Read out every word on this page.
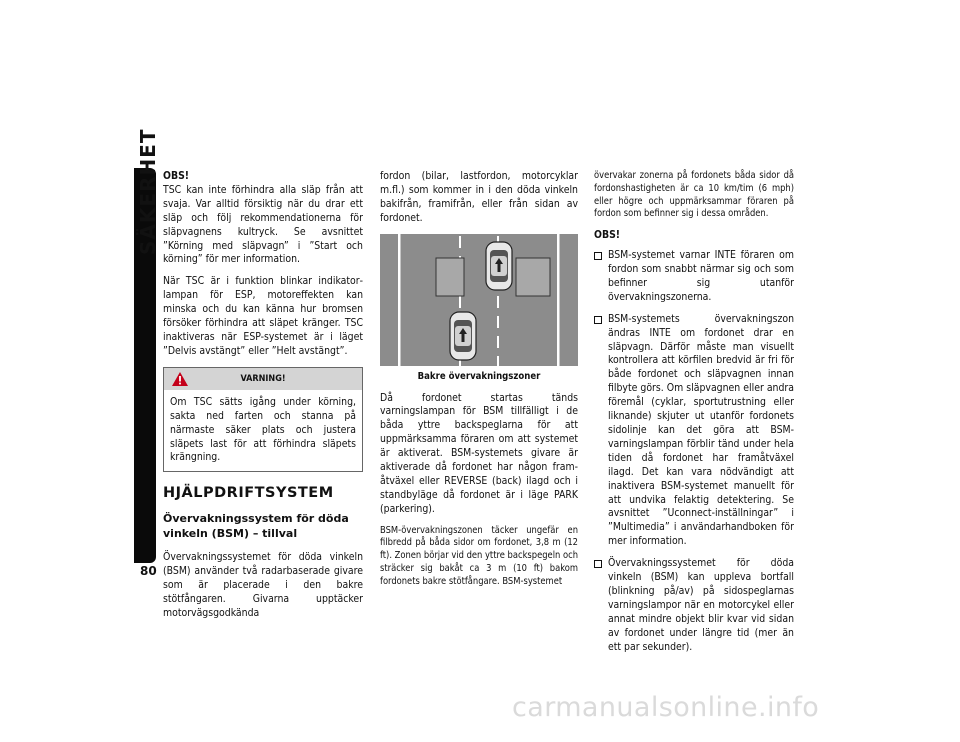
SÄKERHET
80
OBS!

TSC kan inte förhindra alla släp från att svaja. Var alltid försiktig när du drar ett släp och följ rekommendationerna för släpvagnens kultryck. Se avsnittet ”Körning med släpvagn” i ”Start och körning” för mer information.

När TSC är i funktion blinkar indikatorlampan för ESP, motoreffekten kan minska och du kan känna hur bromsen försöker förhindra att släpet kränger. TSC inaktiveras när ESP-systemet är i läget ”Delvis avstängt” eller ”Helt avstängt”.

VARNING!
Om TSC sätts igång under körning, sakta ned farten och stanna på närmaste säker plats och justera släpets last för att förhindra släpets krängning.
HJÄLPDRIFTSYSTEM
Övervakningssystem för döda vinkeln (BSM) – tillval

Övervakningssystemet för döda vinkeln (BSM) använder två radarbaserade givare som är placerade i den bakre stötfångaren. Givarna upptäcker motorvägsgodkända

fordon (bilar, lastfordon, motorcyklar m.fl.) som kommer in i den döda vinkeln bakifrån, framifrån, eller från sidan av fordonet.

Bakre övervakningszoner

Då fordonet startas tänds varningslampan för BSM tillfälligt i de båda yttre backspeglarna för att uppmärksamma föraren om att systemet är aktiverat. BSM-systemets givare är aktiverade då fordonet har någon framåtväxel eller REVERSE (back) ilagd och i standbyläge då fordonet är i läge PARK (parkering).

BSM-övervakningszonen täcker ungefär en filbredd på båda sidor om fordonet, 3,8 m (12 ft). Zonen börjar vid den yttre backspegeln och sträcker sig bakåt ca 3 m (10 ft) bakom fordonets bakre stötfångare. BSM-systemet

övervakar zonerna på fordonets båda sidor då fordonshastigheten är ca 10 km/tim (6 mph) eller högre och uppmärksammar föraren på fordon som befinner sig i dessa områden.

OBS!
BSM-systemet varnar INTE föraren om fordon som snabbt närmar sig och som befinner sig utanför övervakningszonerna.
BSM-systemets övervakningszon ändras INTE om fordonet drar en släpvagn. Därför måste man visuellt kontrollera att körfilen bredvid är fri för både fordonet och släpvagnen innan filbyte görs. Om släpvagnen eller andra föremål (cyklar, sportutrustning eller liknande) skjuter ut utanför fordonets sidolinje kan det göra att BSM-varningslampan förblir tänd under hela tiden då fordonet har framåtväxel ilagd. Det kan vara nödvändigt att inaktivera BSM-systemet manuellt för att undvika felaktig detektering. Se avsnittet ”Uconnect-inställningar” i ”Multimedia” i användarhandboken för mer information.
Övervakningssystemet för döda vinkeln (BSM) kan uppleva bortfall (blinkning på/av) på sidospeglarnas varningslampor när en motorcykel eller annat mindre objekt blir kvar vid sidan av fordonet under längre tid (mer än ett par sekunder).
carmanualsonline.info
